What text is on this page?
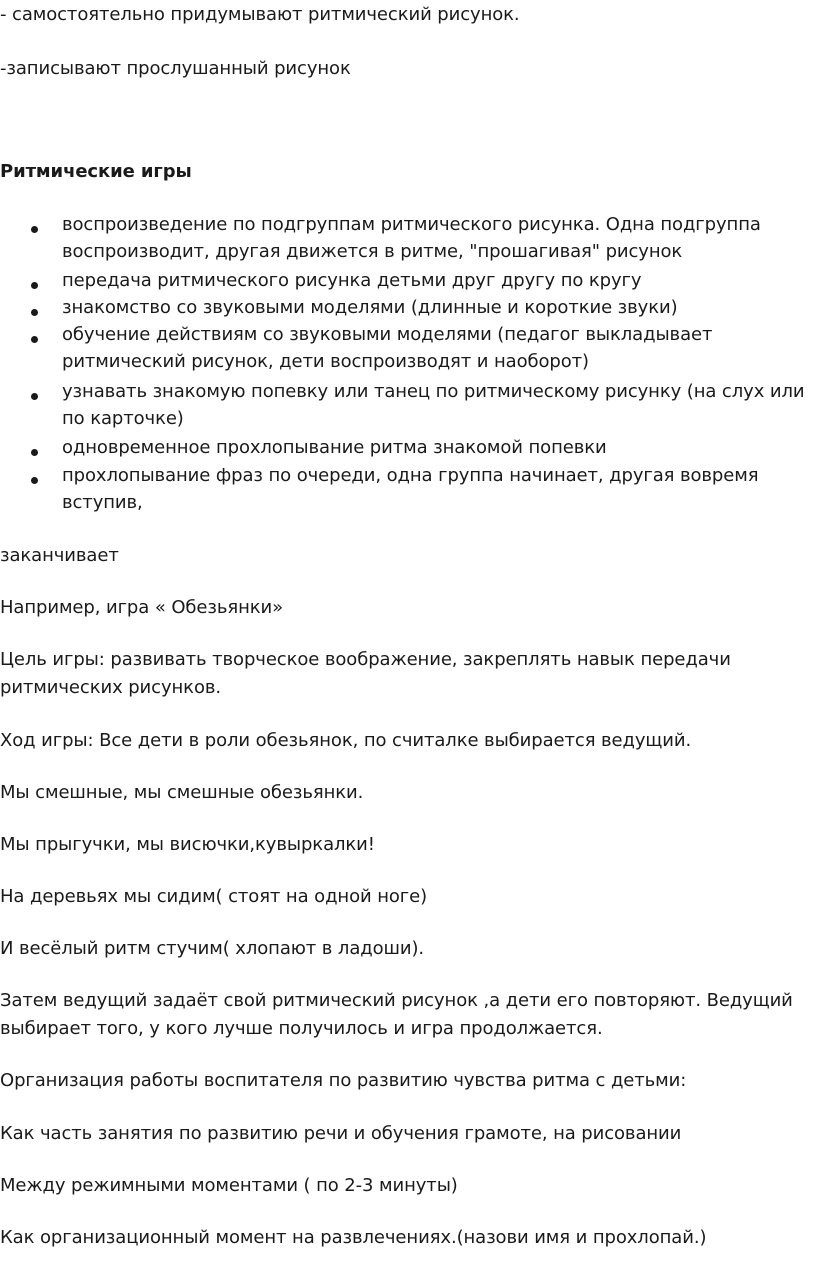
- самостоятельно придумывают ритмический рисунок.
-записывают прослушанный рисунок
Ритмические игры
воспроизведение по подгруппам ритмического рисунка. Одна подгруппа воспроизводит, другая движется в ритме, "прошагивая" рисунок
передача ритмического рисунка детьми друг другу по кругу
знакомство со звуковыми моделями (длинные и короткие звуки)
обучение действиям со звуковыми моделями (педагог выкладывает ритмический рисунок, дети воспроизводят и наоборот)
узнавать знакомую попевку или танец по ритмическому рисунку (на слух или по карточке)
одновременное прохлопывание ритма знакомой попевки
прохлопывание фраз по очереди, одна группа начинает, другая вовремя вступив,
заканчивает
Например, игра « Обезьянки»
Цель игры: развивать творческое воображение, закреплять навык передачи
ритмических рисунков.
Ход игры: Все дети в роли обезьянок, по считалке выбирается ведущий.
Мы смешные, мы смешные обезьянки.
Мы прыгучки, мы висючки,кувыркалки!
На деревьях мы сидим( стоят на одной ноге)
И весёлый ритм стучим( хлопают в ладоши).
Затем ведущий задаёт свой ритмический рисунок ,а дети его повторяют. Ведущий
выбирает того, у кого лучше получилось и игра продолжается.
Организация работы воспитателя по развитию чувства ритма с детьми:
Как часть занятия по развитию речи и обучения грамоте, на рисовании
Между режимными моментами ( по 2-3 минуты)
Как организационный момент на развлечениях.(назови имя и прохлопай.)
